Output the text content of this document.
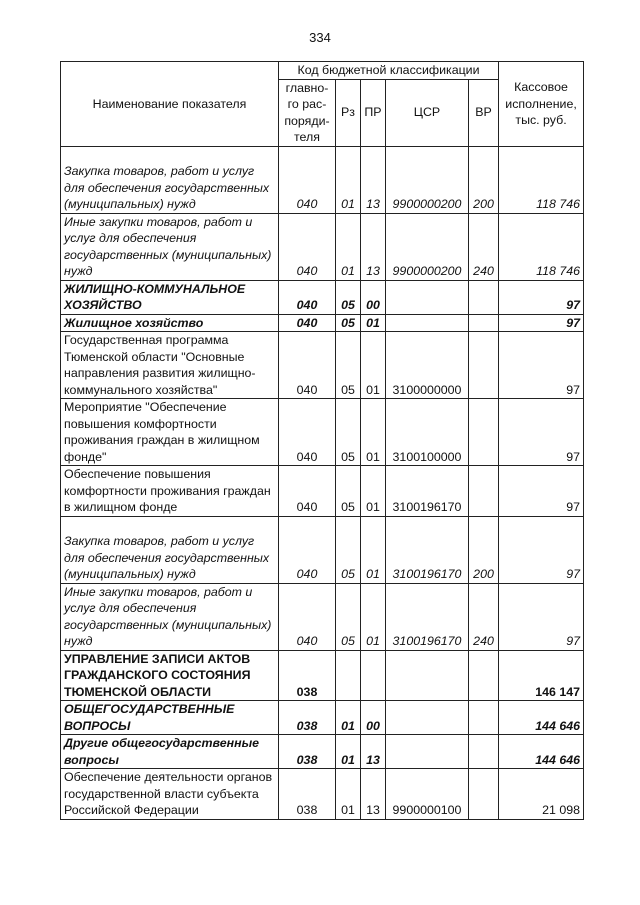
334
Наименование показателя	Код бюджетной классификации					Кассовое исполнение, тыс. руб.
	главно-го рас-поряди-теля	Рз	ПР	ЦСР	ВР	
Закупка товаров, работ и услуг для обеспечения государственных (муниципальных) нужд	040	01	13	9900000200	200	118 746
Иные закупки товаров, работ и услуг для обеспечения государственных (муниципальных) нужд	040	01	13	9900000200	240	118 746
ЖИЛИЩНО-КОММУНАЛЬНОЕ ХОЗЯЙСТВО	040	05	00			97
Жилищное хозяйство	040	05	01			97
Государственная программа Тюменской области "Основные направления развития жилищно-коммунального хозяйства"	040	05	01	3100000000		97
Мероприятие "Обеспечение повышения комфортности проживания граждан в жилищном фонде"	040	05	01	3100100000		97
Обеспечение повышения комфортности проживания граждан в жилищном фонде	040	05	01	3100196170		97
Закупка товаров, работ и услуг для обеспечения государственных (муниципальных) нужд	040	05	01	3100196170	200	97
Иные закупки товаров, работ и услуг для обеспечения государственных (муниципальных) нужд	040	05	01	3100196170	240	97
УПРАВЛЕНИЕ ЗАПИСИ АКТОВ ГРАЖДАНСКОГО СОСТОЯНИЯ ТЮМЕНСКОЙ ОБЛАСТИ	038					146 147
ОБЩЕГОСУДАРСТВЕННЫЕ ВОПРОСЫ	038	01	00			144 646
Другие общегосударственные вопросы	038	01	13			144 646
Обеспечение деятельности органов государственной власти субъекта Российской Федерации	038	01	13	9900000100		21 098
